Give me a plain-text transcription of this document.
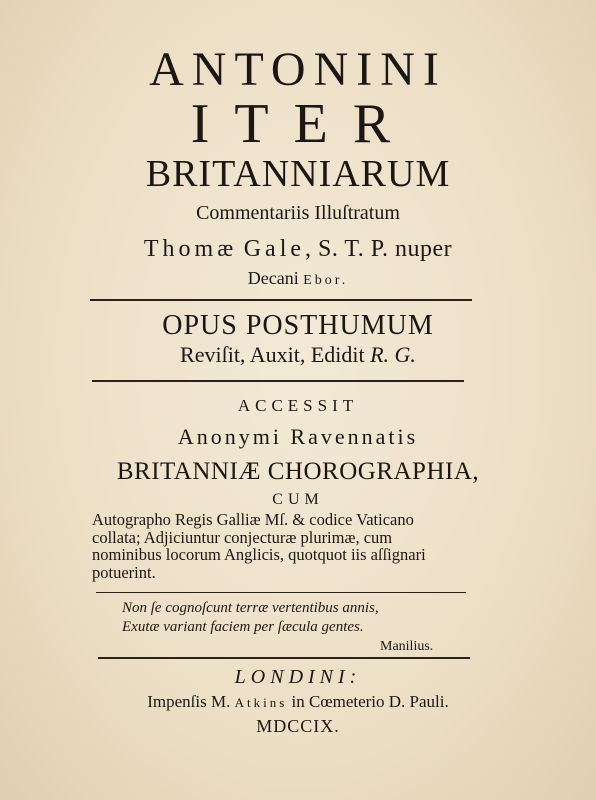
ANTONINI
ITER
BRITANNIARUM
Commentariis Illuſtratum
Thomæ Gale, S. T. P. nuper
Decani Ebor.
OPUS POSTHUMUM
Reviſit, Auxit, Edidit R. G.
ACCESSIT
Anonymi Ravennatis
BRITANNIÆ CHOROGRAPHIA,
CUM
Autographo Regis Galliæ Mſ. & codice Vaticano
collata; Adjiciuntur conjecturæ plurimæ, cum
nominibus locorum Anglicis, quotquot iis aſſignari
potuerint.
Non ſe cognoſcunt terræ vertentibus annis,
Exutæ variant faciem per ſæcula gentes.
Manilius.
LONDINI:
Impenſis M. Atkins in Cœmeterio D. Pauli.
MDCCIX.
